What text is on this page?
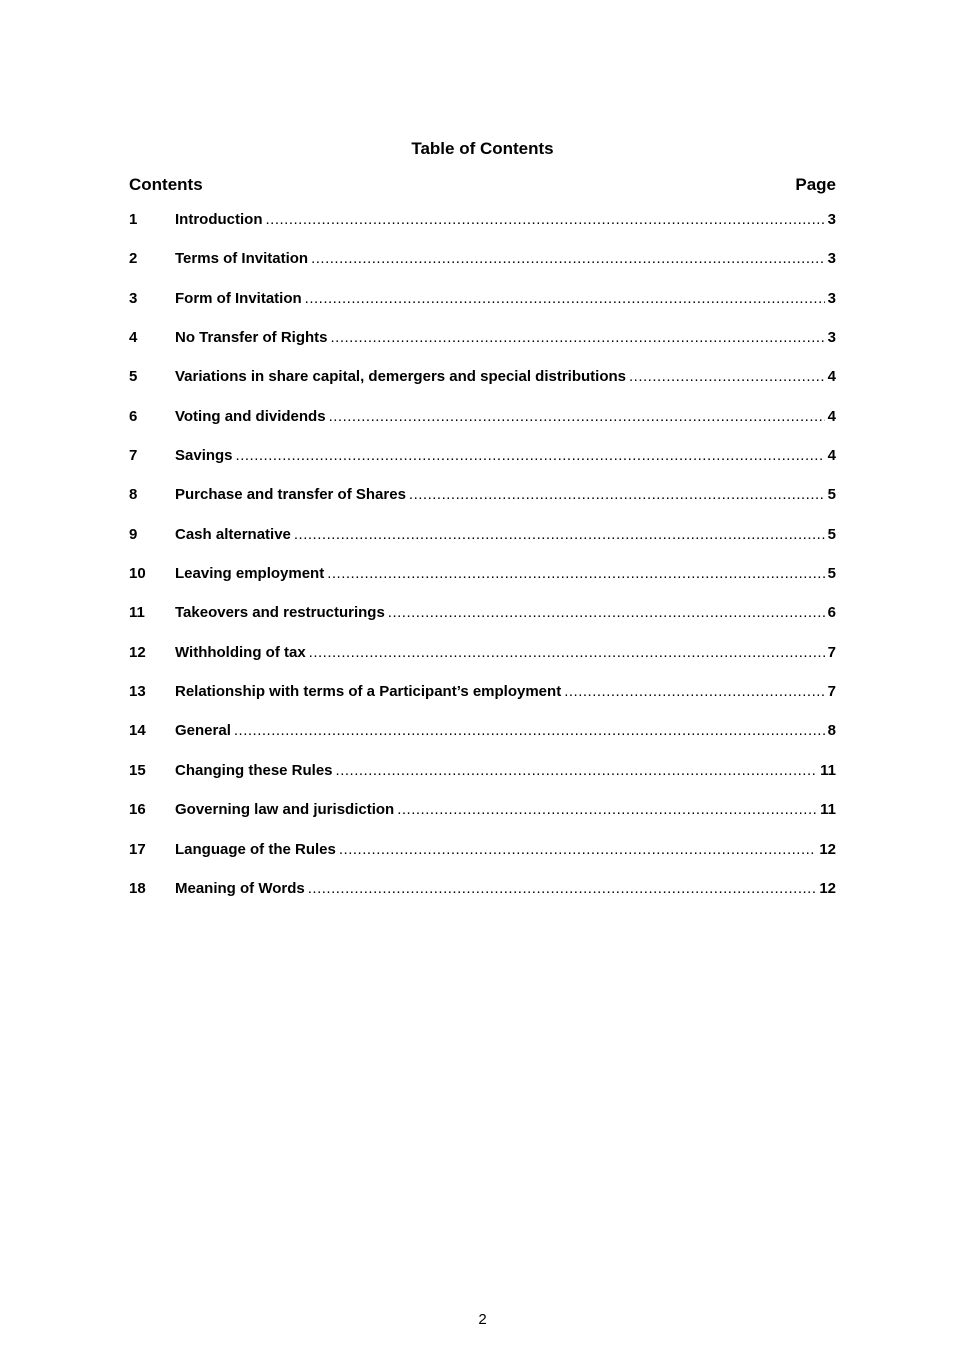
Table of Contents
Contents	Page
1	Introduction .....	3
2	Terms of Invitation .....	3
3	Form of Invitation .....	3
4	No Transfer of Rights .....	3
5	Variations in share capital, demergers and special distributions .....	4
6	Voting and dividends .....	4
7	Savings .....	4
8	Purchase and transfer of Shares .....	5
9	Cash alternative .....	5
10	Leaving employment .....	5
11	Takeovers and restructurings .....	6
12	Withholding of tax .....	7
13	Relationship with terms of a Participant’s employment .....	7
14	General .....	8
15	Changing these Rules .....	11
16	Governing law and jurisdiction .....	11
17	Language of the Rules .....	12
18	Meaning of Words .....	12
2
